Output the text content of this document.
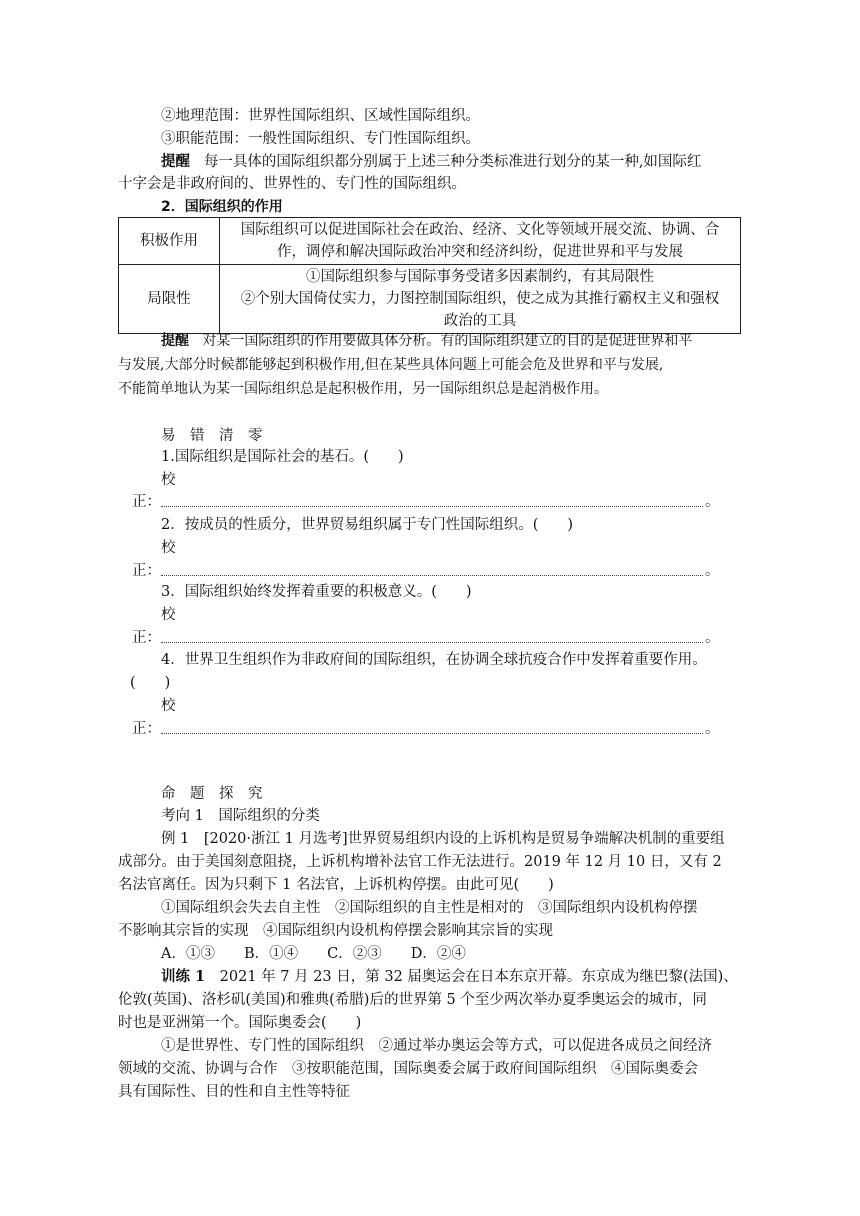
②地理范围：世界性国际组织、区域性国际组织。
③职能范围：一般性国际组织、专门性国际组织。
提醒 每一具体的国际组织都分别属于上述三种分类标准进行划分的某一种,如国际红
十字会是非政府间的、世界性的、专门性的国际组织。
2．国际组织的作用
积极作用	国际组织可以促进国际社会在政治、经济、文化等领域开展交流、协调、合
作，调停和解决国际政治冲突和经济纠纷，促进世界和平与发展

局限性	①国际组织参与国际事务受诸多因素制约，有其局限性
②个别大国倚仗实力，力图控制国际组织，使之成为其推行霸权主义和强权
政治的工具
提醒 对某一国际组织的作用要做具体分析。有的国际组织建立的目的是促进世界和平
与发展,大部分时候都能够起到积极作用,但在某些具体问题上可能会危及世界和平与发展,
不能简单地认为某一国际组织总是起积极作用，另一国际组织总是起消极作用。
易　错　清　零
1.国际组织是国际社会的基石。(　　)
校
正：	。
2．按成员的性质分，世界贸易组织属于专门性国际组织。(　　)
校
正：	。
3．国际组织始终发挥着重要的积极意义。(　　)
校
正：	。
4．世界卫生组织作为非政府间的国际组织，在协调全球抗疫合作中发挥着重要作用。
(　　)
校
正：	。
命　题　探　究
考向 1　国际组织的分类
例 1　[2020·浙江 1 月选考]世界贸易组织内设的上诉机构是贸易争端解决机制的重要组
成部分。由于美国刻意阻挠，上诉机构增补法官工作无法进行。2019 年 12 月 10 日，又有 2
名法官离任。因为只剩下 1 名法官，上诉机构停摆。由此可见(　　)
①国际组织会失去自主性　②国际组织的自主性是相对的　③国际组织内设机构停摆
不影响其宗旨的实现　④国际组织内设机构停摆会影响其宗旨的实现
A．①③　　B．①④　　C．②③　　D．②④
训练 1　2021 年 7 月 23 日，第 32 届奥运会在日本东京开幕。东京成为继巴黎(法国)、
伦敦(英国)、洛杉矶(美国)和雅典(希腊)后的世界第 5 个至少两次举办夏季奥运会的城市，同
时也是亚洲第一个。国际奥委会(　　)
①是世界性、专门性的国际组织　②通过举办奥运会等方式，可以促进各成员之间经济
领域的交流、协调与合作　③按职能范围，国际奥委会属于政府间国际组织　④国际奥委会
具有国际性、目的性和自主性等特征
